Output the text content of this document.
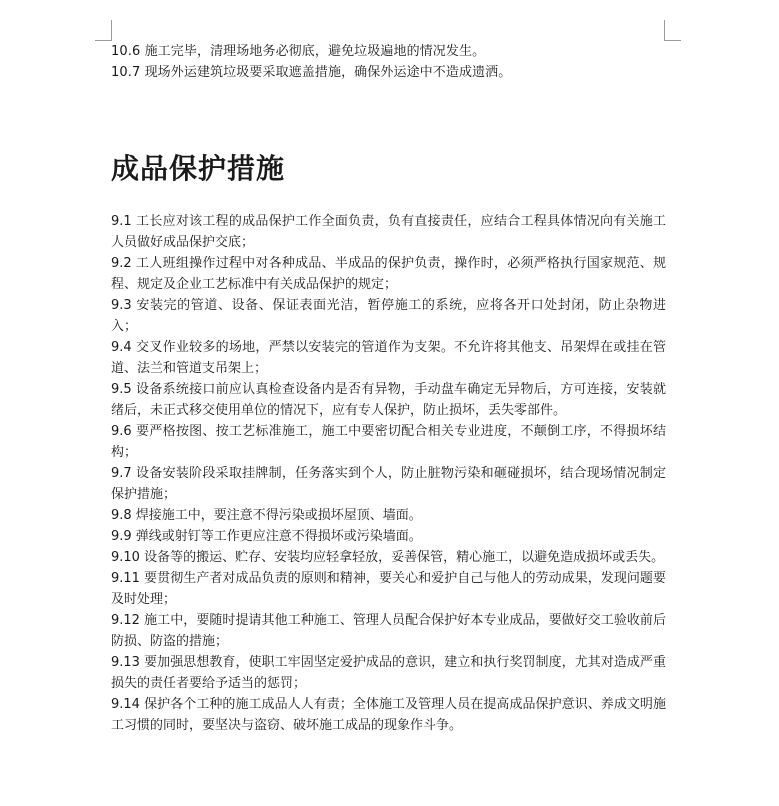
10.6 施工完毕，清理场地务必彻底，避免垃圾遍地的情况发生。
10.7 现场外运建筑垃圾要采取遮盖措施，确保外运途中不造成遗洒。
成品保护措施
9.1 工长应对该工程的成品保护工作全面负责，负有直接责任，应结合工程具体情况向有关施工人员做好成品保护交底；
9.2 工人班组操作过程中对各种成品、半成品的保护负责，操作时，必须严格执行国家规范、规程、规定及企业工艺标准中有关成品保护的规定；
9.3 安装完的管道、设备、保证表面光洁，暂停施工的系统，应将各开口处封闭，防止杂物进入；
9.4 交叉作业较多的场地，严禁以安装完的管道作为支架。不允许将其他支、吊架焊在或挂在管道、法兰和管道支吊架上；
9.5 设备系统接口前应认真检查设备内是否有异物，手动盘车确定无异物后，方可连接，安装就绪后，未正式移交使用单位的情况下，应有专人保护，防止损坏，丢失零部件。
9.6 要严格按图、按工艺标准施工，施工中要密切配合相关专业进度，不颠倒工序，不得损坏结构；
9.7 设备安装阶段采取挂牌制，任务落实到个人，防止脏物污染和砸碰损坏，结合现场情况制定保护措施；
9.8 焊接施工中，要注意不得污染或损坏屋顶、墙面。
9.9 弹线或射钉等工作更应注意不得损坏或污染墙面。
9.10 设备等的搬运、贮存、安装均应轻拿轻放，妥善保管，精心施工，以避免造成损坏或丢失。
9.11 要贯彻生产者对成品负责的原则和精神，要关心和爱护自己与他人的劳动成果，发现问题要及时处理；
9.12 施工中，要随时提请其他工种施工、管理人员配合保护好本专业成品，要做好交工验收前后防损、防盗的措施；
9.13 要加强思想教育，使职工牢固坚定爱护成品的意识，建立和执行奖罚制度，尤其对造成严重损失的责任者要给予适当的惩罚；
9.14 保护各个工种的施工成品人人有责；全体施工及管理人员在提高成品保护意识、养成文明施工习惯的同时，要坚决与盗窃、破坏施工成品的现象作斗争。
